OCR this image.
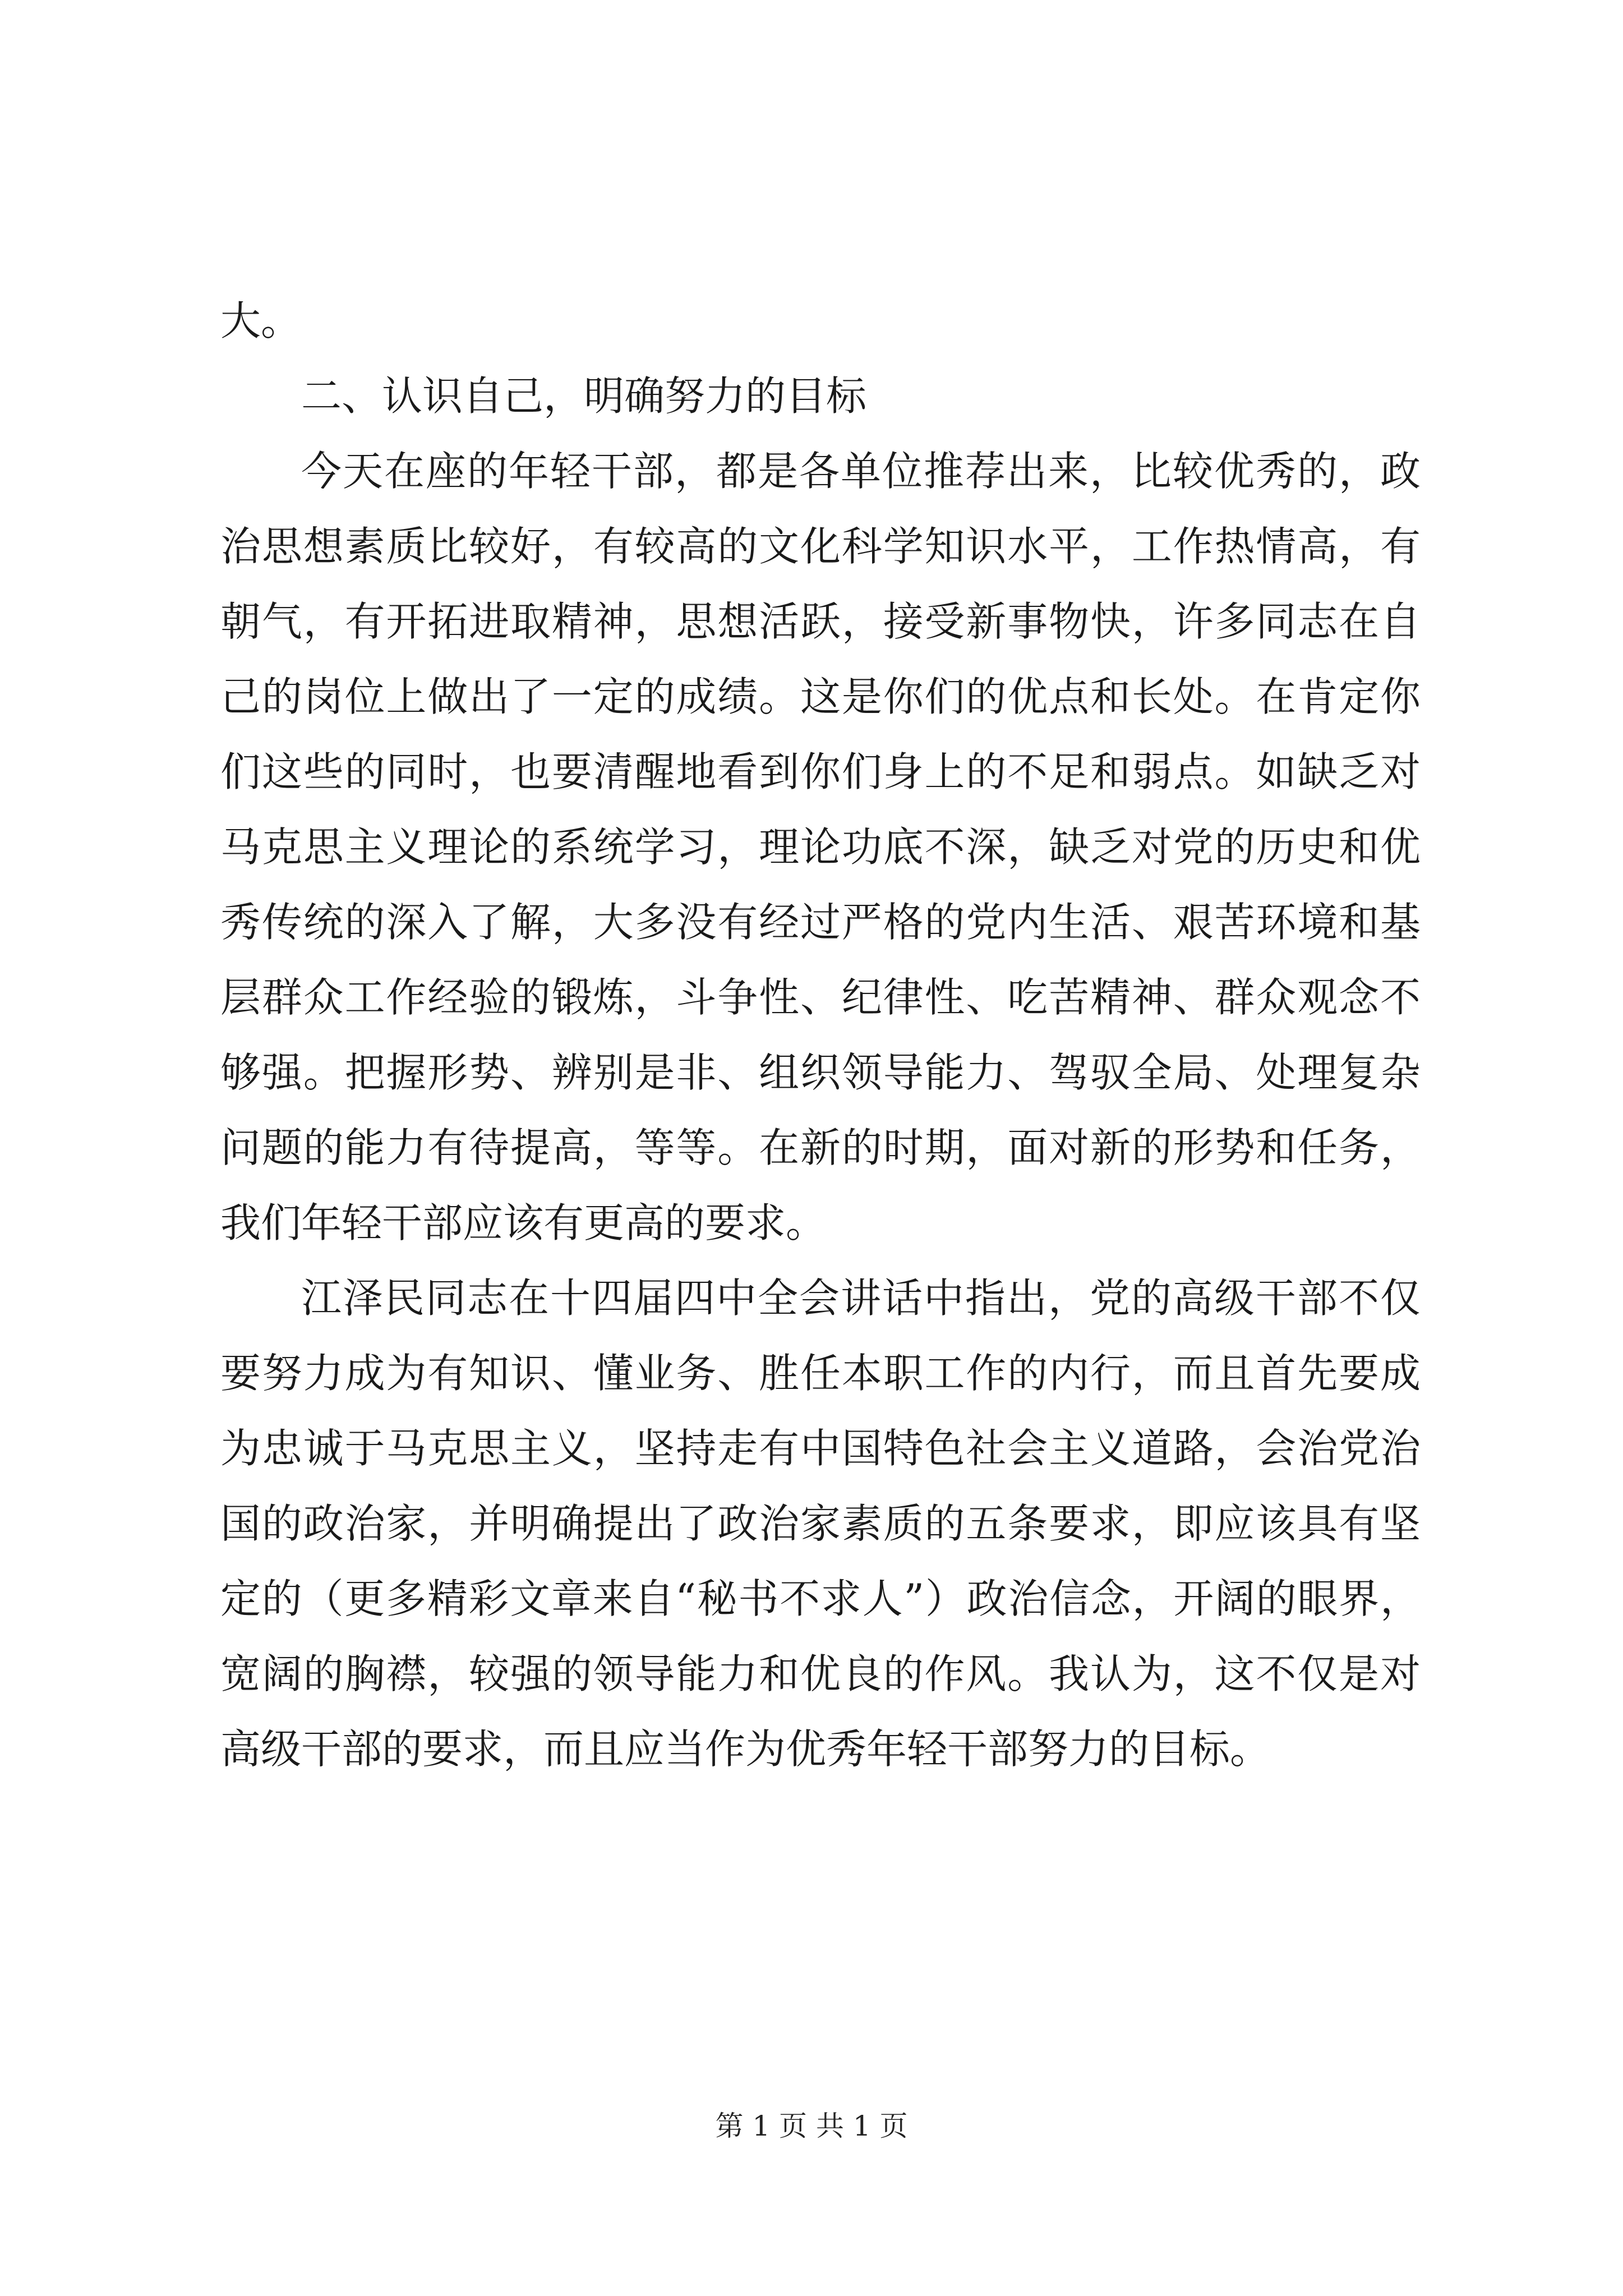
大。

二、认识自己，明确努力的目标

今天在座的年轻干部，都是各单位推荐出来，比较优秀的，政治思想素质比较好，有较高的文化科学知识水平，工作热情高，有朝气，有开拓进取精神，思想活跃，接受新事物快，许多同志在自己的岗位上做出了一定的成绩。这是你们的优点和长处。在肯定你们这些的同时，也要清醒地看到你们身上的不足和弱点。如缺乏对马克思主义理论的系统学习，理论功底不深，缺乏对党的历史和优秀传统的深入了解，大多没有经过严格的党内生活、艰苦环境和基层群众工作经验的锻炼，斗争性、纪律性、吃苦精神、群众观念不够强。把握形势、辨别是非、组织领导能力、驾驭全局、处理复杂问题的能力有待提高，等等。在新的时期，面对新的形势和任务，我们年轻干部应该有更高的要求。

江泽民同志在十四届四中全会讲话中指出，党的高级干部不仅要努力成为有知识、懂业务、胜任本职工作的内行，而且首先要成为忠诚于马克思主义，坚持走有中国特色社会主义道路，会治党治国的政治家，并明确提出了政治家素质的五条要求，即应该具有坚定的（更多精彩文章来自“秘书不求人”）政治信念，开阔的眼界，宽阔的胸襟，较强的领导能力和优良的作风。我认为，这不仅是对高级干部的要求，而且应当作为优秀年轻干部努力的目标。

第 1 页 共 1 页
